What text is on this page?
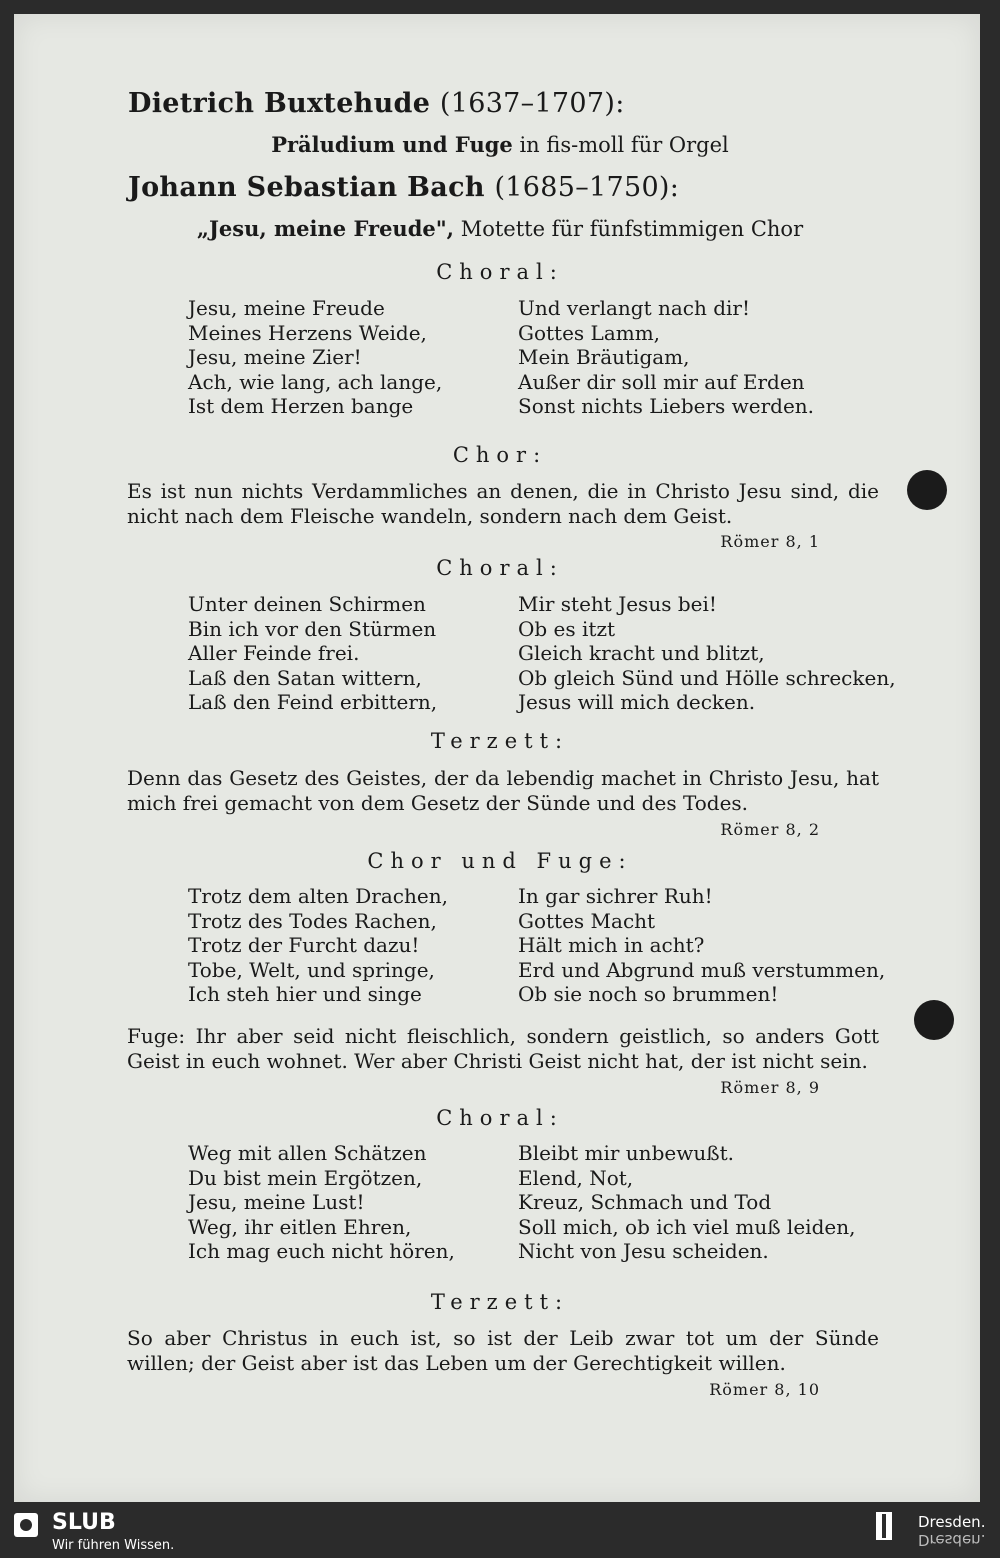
Dietrich Buxtehude (1637–1707):
Präludium und Fuge in fis-moll für Orgel
Johann Sebastian Bach (1685–1750):
„Jesu, meine Freude", Motette für fünfstimmigen Chor
Choral:
Jesu, meine Freude
Meines Herzens Weide,
Jesu, meine Zier!
Ach, wie lang, ach lange,
Ist dem Herzen bange
Und verlangt nach dir!
Gottes Lamm,
Mein Bräutigam,
Außer dir soll mir auf Erden
Sonst nichts Liebers werden.
Chor:
Es ist nun nichts Verdammliches an denen, die in Christo Jesu sind, die nicht nach dem Fleische wandeln, sondern nach dem Geist.
Römer 8, 1
Choral:
Unter deinen Schirmen
Bin ich vor den Stürmen
Aller Feinde frei.
Laß den Satan wittern,
Laß den Feind erbittern,
Mir steht Jesus bei!
Ob es itzt
Gleich kracht und blitzt,
Ob gleich Sünd und Hölle schrecken,
Jesus will mich decken.
Terzett:
Denn das Gesetz des Geistes, der da lebendig machet in Christo Jesu, hat mich frei gemacht von dem Gesetz der Sünde und des Todes.
Römer 8, 2
Chor und Fuge:
Trotz dem alten Drachen,
Trotz des Todes Rachen,
Trotz der Furcht dazu!
Tobe, Welt, und springe,
Ich steh hier und singe
In gar sichrer Ruh!
Gottes Macht
Hält mich in acht?
Erd und Abgrund muß verstummen,
Ob sie noch so brummen!
Fuge: Ihr aber seid nicht fleischlich, sondern geistlich, so anders Gott Geist in euch wohnet. Wer aber Christi Geist nicht hat, der ist nicht sein.
Römer 8, 9
Choral:
Weg mit allen Schätzen
Du bist mein Ergötzen,
Jesu, meine Lust!
Weg, ihr eitlen Ehren,
Ich mag euch nicht hören,
Bleibt mir unbewußt.
Elend, Not,
Kreuz, Schmach und Tod
Soll mich, ob ich viel muß leiden,
Nicht von Jesu scheiden.
Terzett:
So aber Christus in euch ist, so ist der Leib zwar tot um der Sünde willen; der Geist aber ist das Leben um der Gerechtigkeit willen.
Römer 8, 10
SLUB
Wir führen Wissen.
Dresden.
Dresden.
